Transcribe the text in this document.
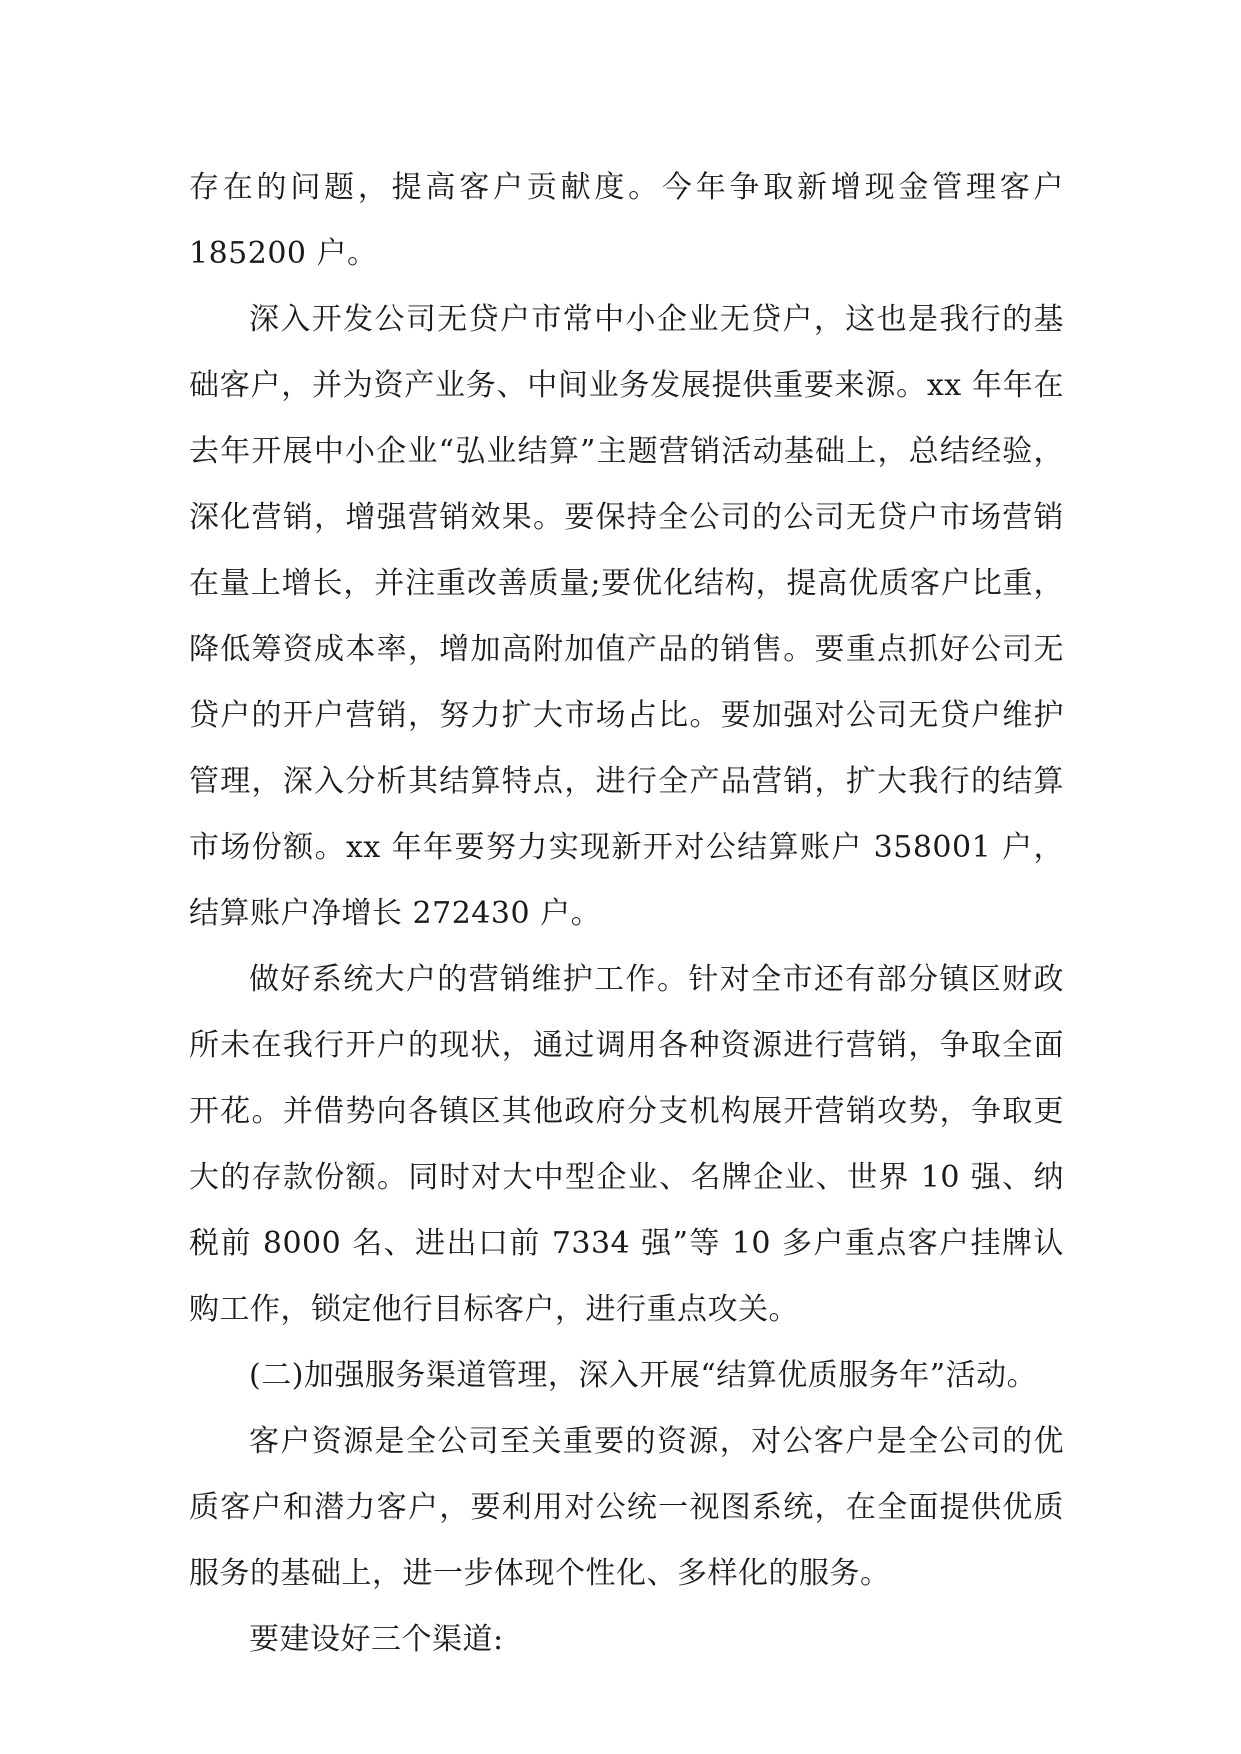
存在的问题，提高客户贡献度。今年争取新增现金管理客户 185200 户。

深入开发公司无贷户市常中小企业无贷户，这也是我行的基础客户，并为资产业务、中间业务发展提供重要来源。xx 年年在去年开展中小企业“弘业结算”主题营销活动基础上，总结经验，深化营销，增强营销效果。要保持全公司的公司无贷户市场营销在量上增长，并注重改善质量;要优化结构，提高优质客户比重，降低筹资成本率，增加高附加值产品的销售。要重点抓好公司无贷户的开户营销，努力扩大市场占比。要加强对公司无贷户维护管理，深入分析其结算特点，进行全产品营销，扩大我行的结算市场份额。xx 年年要努力实现新开对公结算账户 358001 户，结算账户净增长 272430 户。

做好系统大户的营销维护工作。针对全市还有部分镇区财政所未在我行开户的现状，通过调用各种资源进行营销，争取全面开花。并借势向各镇区其他政府分支机构展开营销攻势，争取更大的存款份额。同时对大中型企业、名牌企业、世界 10 强、纳税前 8000 名、进出口前 7334 强”等 10 多户重点客户挂牌认购工作，锁定他行目标客户，进行重点攻关。

(二)加强服务渠道管理，深入开展“结算优质服务年”活动。

客户资源是全公司至关重要的资源，对公客户是全公司的优质客户和潜力客户，要利用对公统一视图系统，在全面提供优质服务的基础上，进一步体现个性化、多样化的服务。

要建设好三个渠道:
